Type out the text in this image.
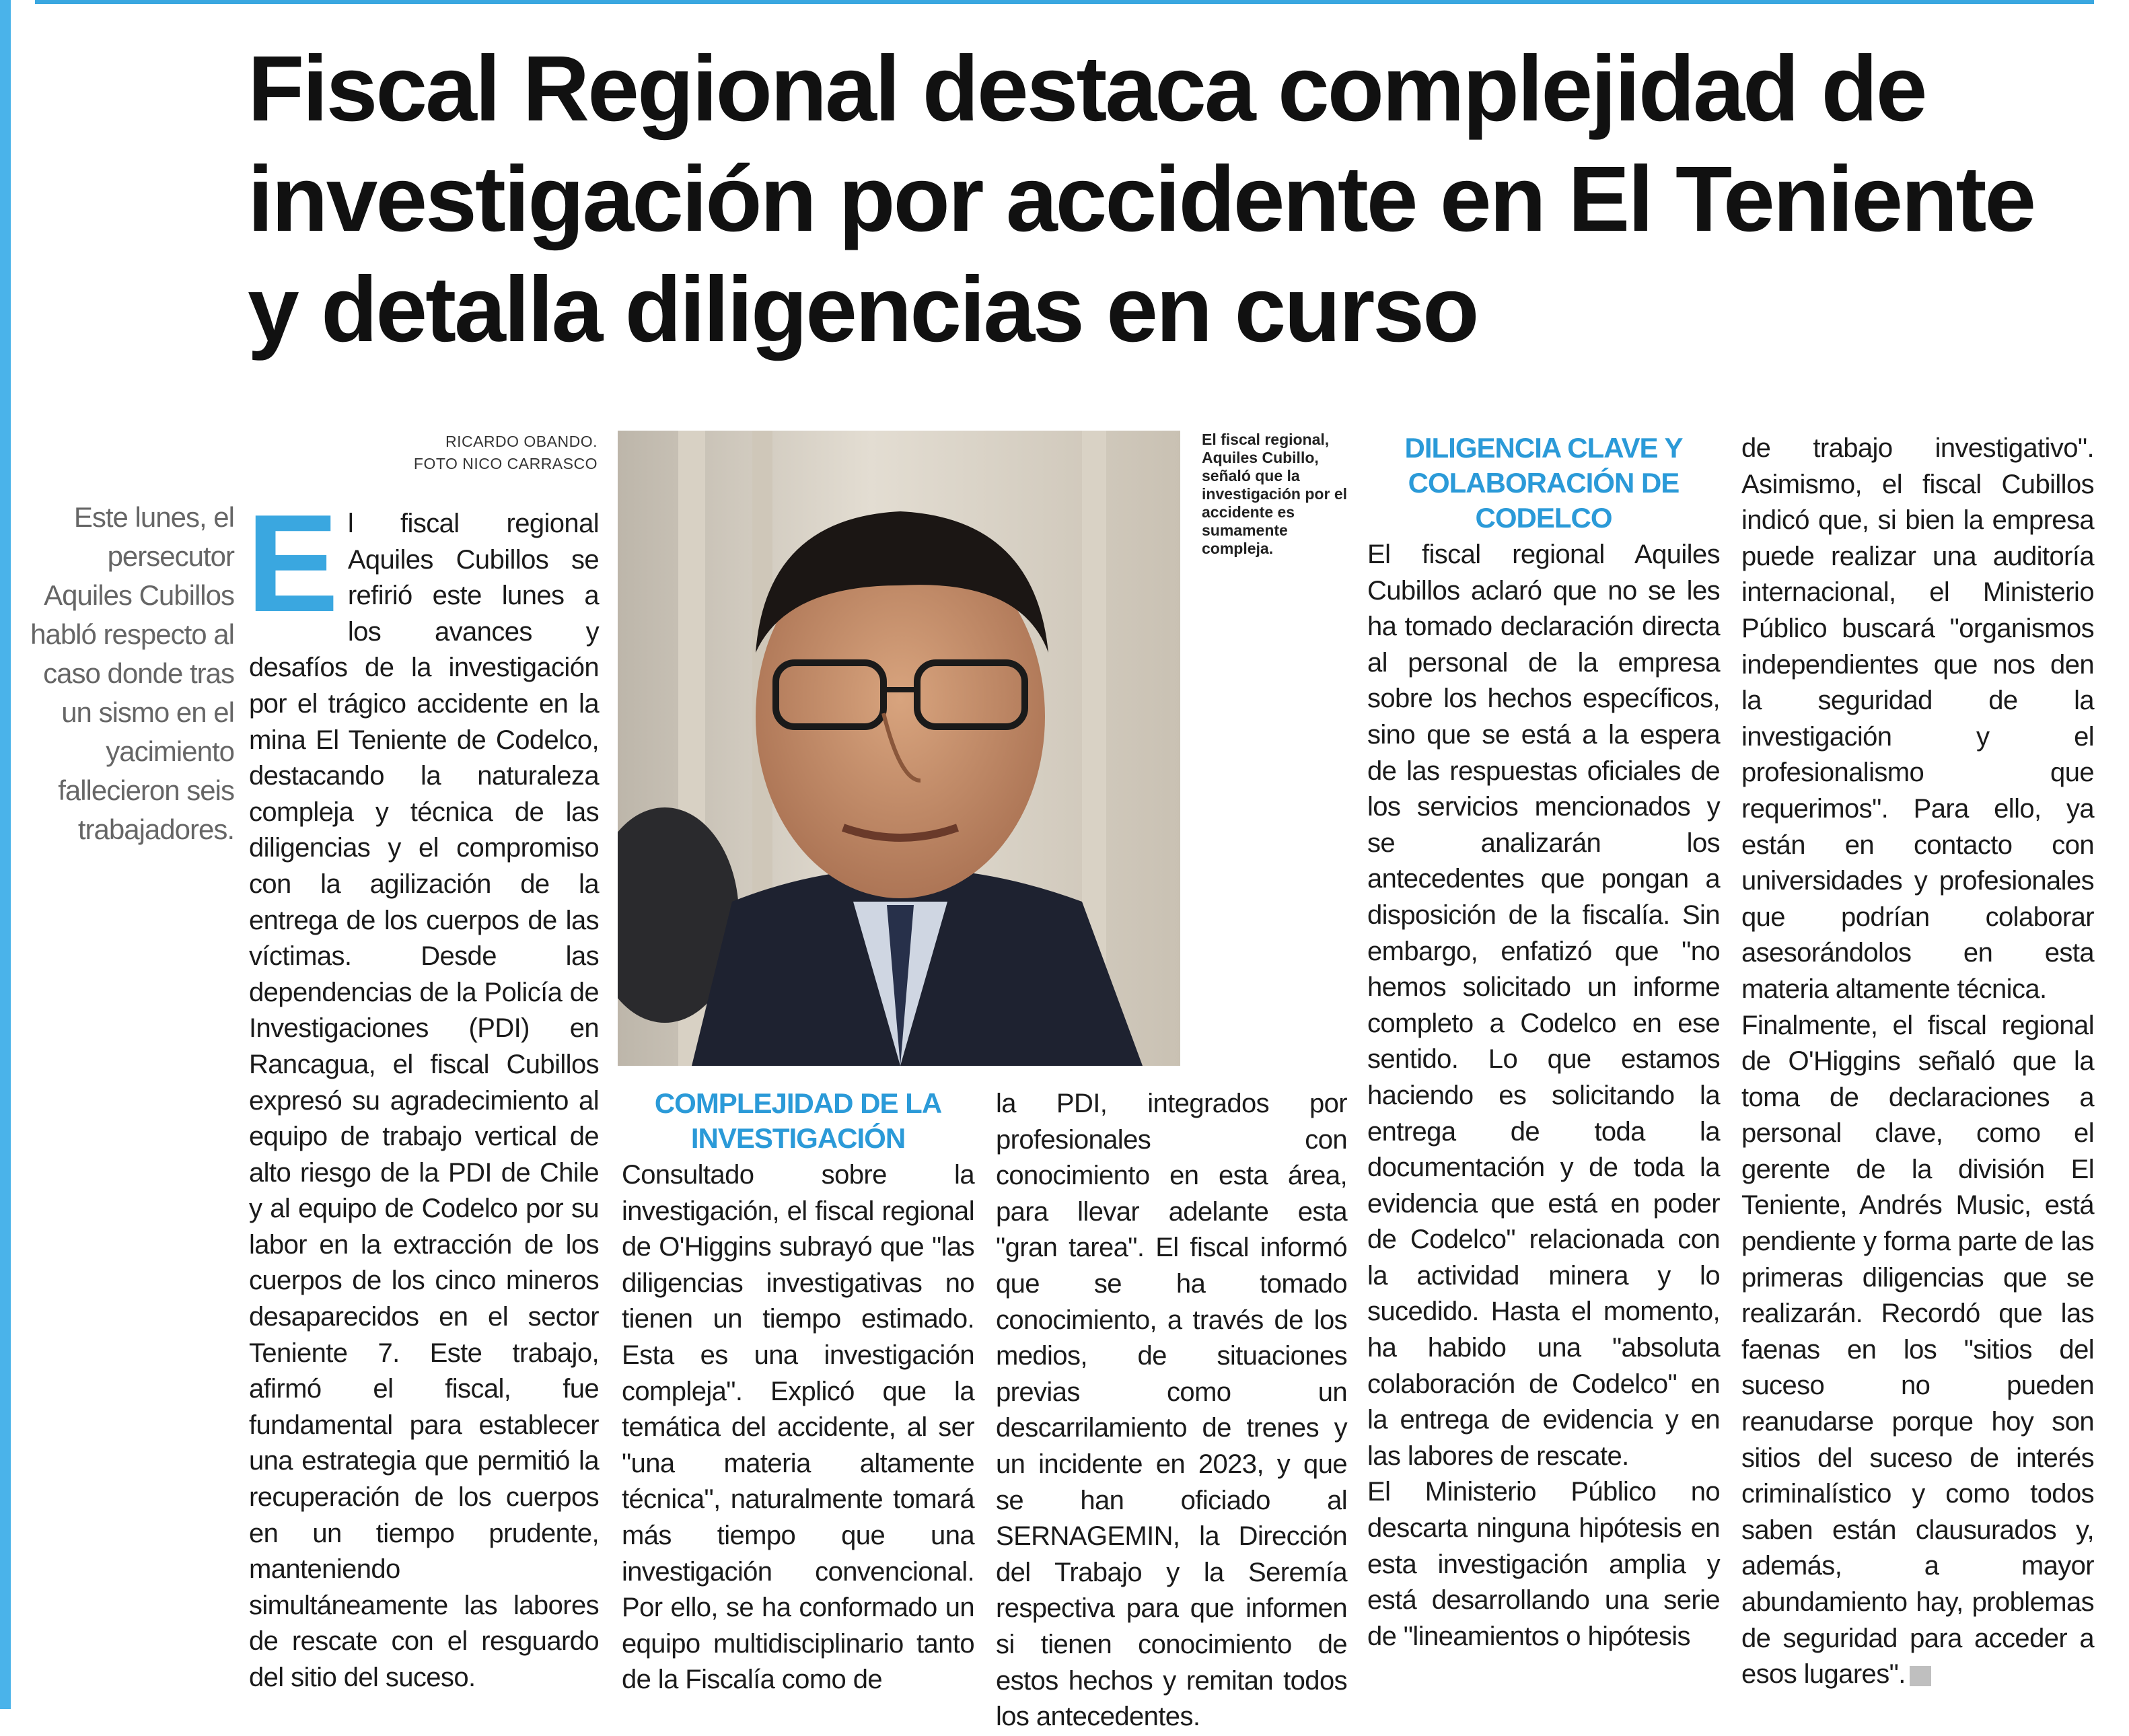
Fiscal Regional destaca complejidad de investigación por accidente en El Teniente y detalla diligencias en curso
RICARDO OBANDO.
FOTO NICO CARRASCO
Este lunes, el persecutor Aquiles Cubillos habló respecto al caso donde tras un sismo en el yacimiento fallecieron seis trabajadores.
E l fiscal regional Aquiles Cubillos se refirió este lunes a los avances y desafíos de la investigación por el trágico accidente en la mina El Teniente de Codelco, destacando la naturaleza compleja y técnica de las diligencias y el compromiso con la agilización de la entrega de los cuerpos de las víctimas. Desde las dependencias de la Policía de Investigaciones (PDI) en Rancagua, el fiscal Cubillos expresó su agradecimiento al equipo de trabajo vertical de alto riesgo de la PDI de Chile y al equipo de Codelco por su labor en la extracción de los cuerpos de los cinco mineros desaparecidos en el sector Teniente 7. Este trabajo, afirmó el fiscal, fue fundamental para establecer una estrategia que permitió la recuperación de los cuerpos en un tiempo prudente, manteniendo simultáneamente las labores de rescate con el resguardo del sitio del suceso.

El fiscal regional, Aquiles Cubillo, señaló que la investigación por el accidente es sumamente compleja.
COMPLEJIDAD DE LA INVESTIGACIÓN

Consultado sobre la investigación, el fiscal regional de O'Higgins subrayó que "las diligencias investigativas no tienen un tiempo estimado. Esta es una investigación compleja". Explicó que la temática del accidente, al ser "una materia altamente técnica", naturalmente tomará más tiempo que una investigación convencional. Por ello, se ha conformado un equipo multidisciplinario tanto de la Fiscalía como de

la PDI, integrados por profesionales con conocimiento en esta área, para llevar adelante esta "gran tarea". El fiscal informó que se ha tomado conocimiento, a través de los medios, de situaciones previas como un descarrilamiento de trenes y un incidente en 2023, y que se han oficiado al SERNAGEMIN, la Dirección del Trabajo y la Seremía respectiva para que informen si tienen conocimiento de estos hechos y remitan todos los antecedentes.

DILIGENCIA CLAVE Y COLABORACIÓN DE CODELCO

El fiscal regional Aquiles Cubillos aclaró que no se les ha tomado declaración directa al personal de la empresa sobre los hechos específicos, sino que se está a la espera de las respuestas oficiales de los servicios mencionados y se analizarán los antecedentes que pongan a disposición de la fiscalía. Sin embargo, enfatizó que "no hemos solicitado un informe completo a Codelco en ese sentido. Lo que estamos haciendo es solicitando la entrega de toda la documentación y de toda la evidencia que está en poder de Codelco" relacionada con la actividad minera y lo sucedido. Hasta el momento, ha habido una "absoluta colaboración de Codelco" en la entrega de evidencia y en las labores de rescate.

El Ministerio Público no descarta ninguna hipótesis en esta investigación amplia y está desarrollando una serie de "lineamientos o hipótesis

de trabajo investigativo". Asimismo, el fiscal Cubillos indicó que, si bien la empresa puede realizar una auditoría internacional, el Ministerio Público buscará "organismos independientes que nos den la seguridad de la investigación y el profesionalismo que requerimos". Para ello, ya están en contacto con universidades y profesionales que podrían colaborar asesorándolos en esta materia altamente técnica.

Finalmente, el fiscal regional de O'Higgins señaló que la toma de declaraciones a personal clave, como el gerente de la división El Teniente, Andrés Music, está pendiente y forma parte de las primeras diligencias que se realizarán. Recordó que las faenas en los "sitios del suceso no pueden reanudarse porque hoy son sitios del suceso de interés criminalístico y como todos saben están clausurados y, además, a mayor abundamiento hay, problemas de seguridad para acceder a esos lugares".
